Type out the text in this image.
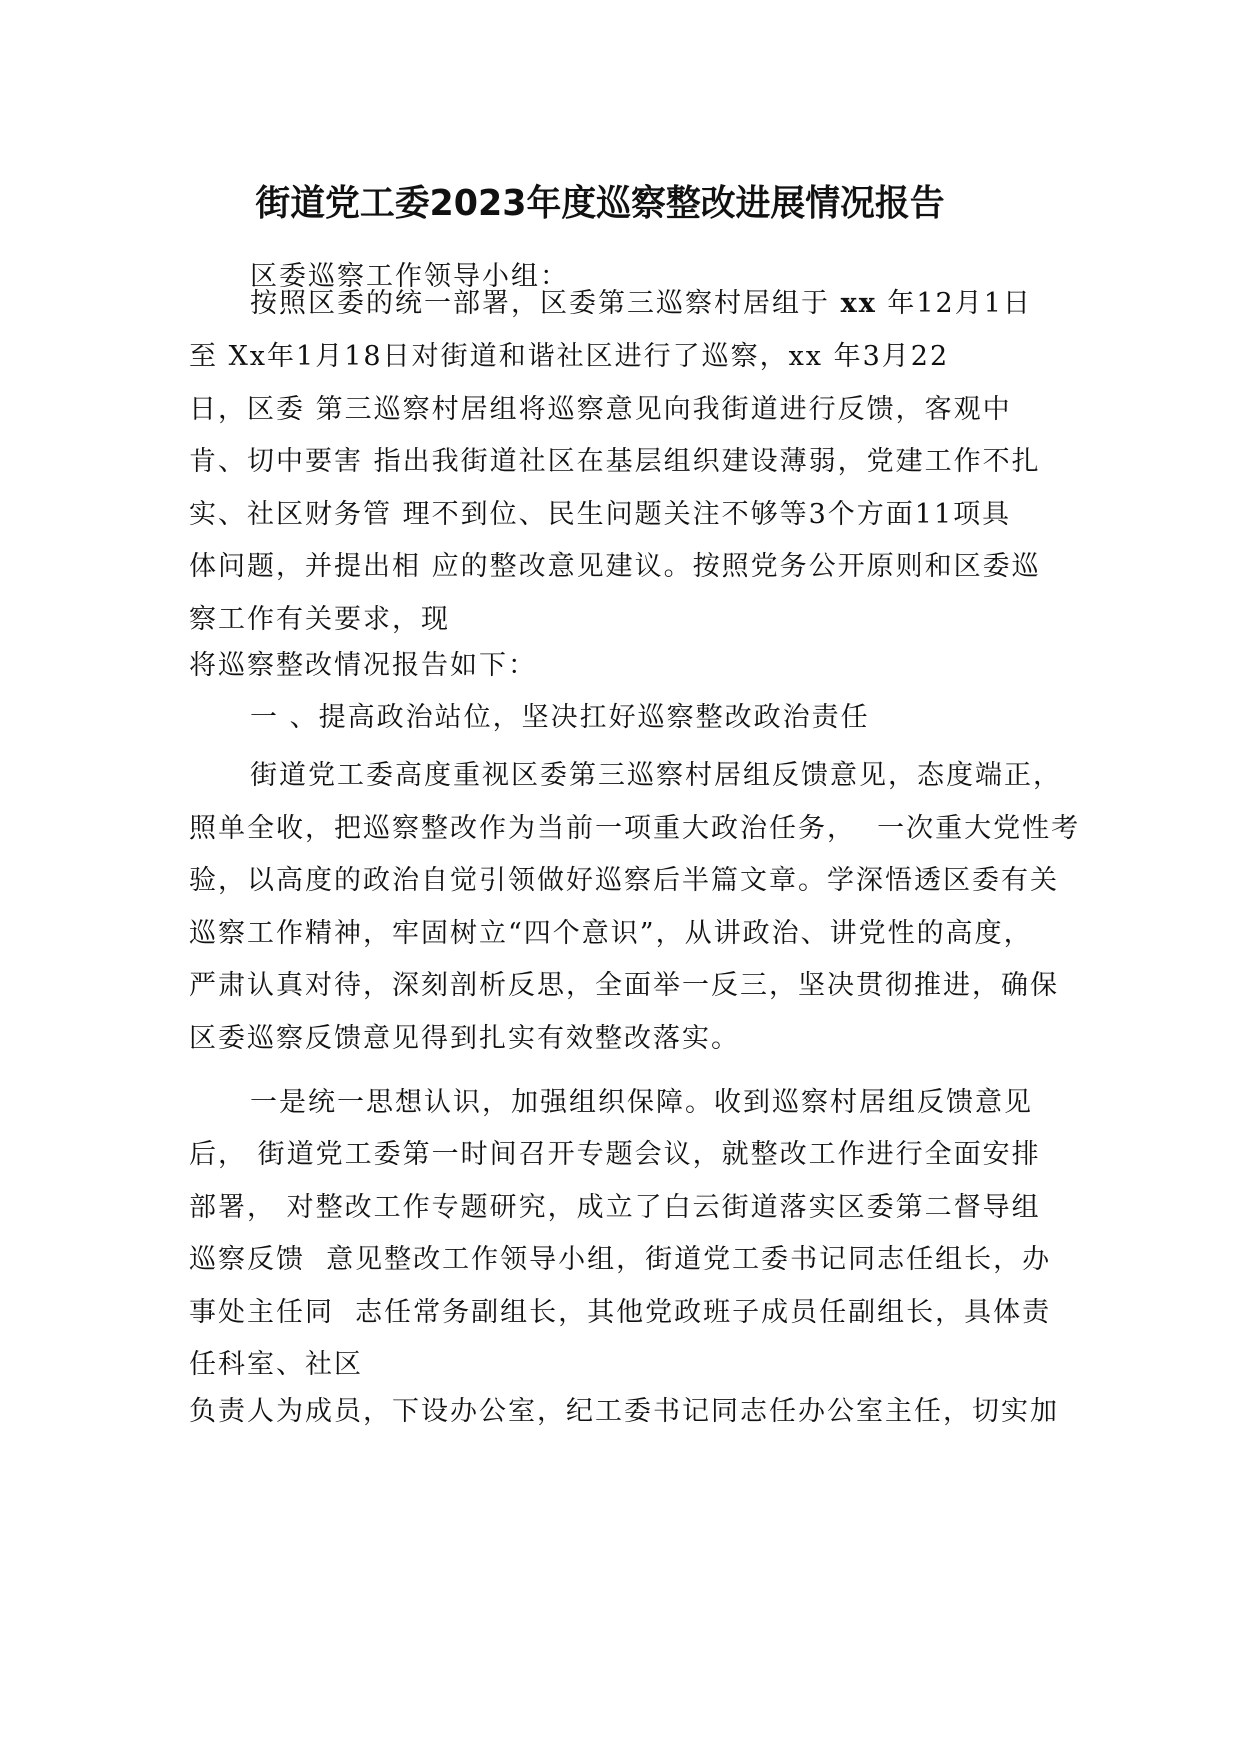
街道党工委2023年度巡察整改进展情况报告
区委巡察工作领导小组：
按照区委的统一部署，区委第三巡察村居组于 xx 年12月1日
至 Xx年1月18日对街道和谐社区进行了巡察，xx 年3月22
日，区委 第三巡察村居组将巡察意见向我街道进行反馈，客观中
肯、切中要害 指出我街道社区在基层组织建设薄弱，党建工作不扎
实、社区财务管 理不到位、民生问题关注不够等3个方面11项具
体问题，并提出相 应的整改意见建议。按照党务公开原则和区委巡
察工作有关要求，现
将巡察整改情况报告如下：
一 、提高政治站位，坚决扛好巡察整改政治责任
街道党工委高度重视区委第三巡察村居组反馈意见，态度端正，
照单全收，把巡察整改作为当前一项重大政治任务，  一次重大党性考
验，以高度的政治自觉引领做好巡察后半篇文章。学深悟透区委有关
巡察工作精神，牢固树立“四个意识”，从讲政治、讲党性的高度，
严肃认真对待，深刻剖析反思，全面举一反三，坚决贯彻推进，确保
区委巡察反馈意见得到扎实有效整改落实。
一是统一思想认识，加强组织保障。收到巡察村居组反馈意见
后， 街道党工委第一时间召开专题会议，就整改工作进行全面安排
部署， 对整改工作专题研究，成立了白云街道落实区委第二督导组
巡察反馈  意见整改工作领导小组，街道党工委书记同志任组长，办
事处主任同  志任常务副组长，其他党政班子成员任副组长，具体责
任科室、社区
负责人为成员，下设办公室，纪工委书记同志任办公室主任，切实加
